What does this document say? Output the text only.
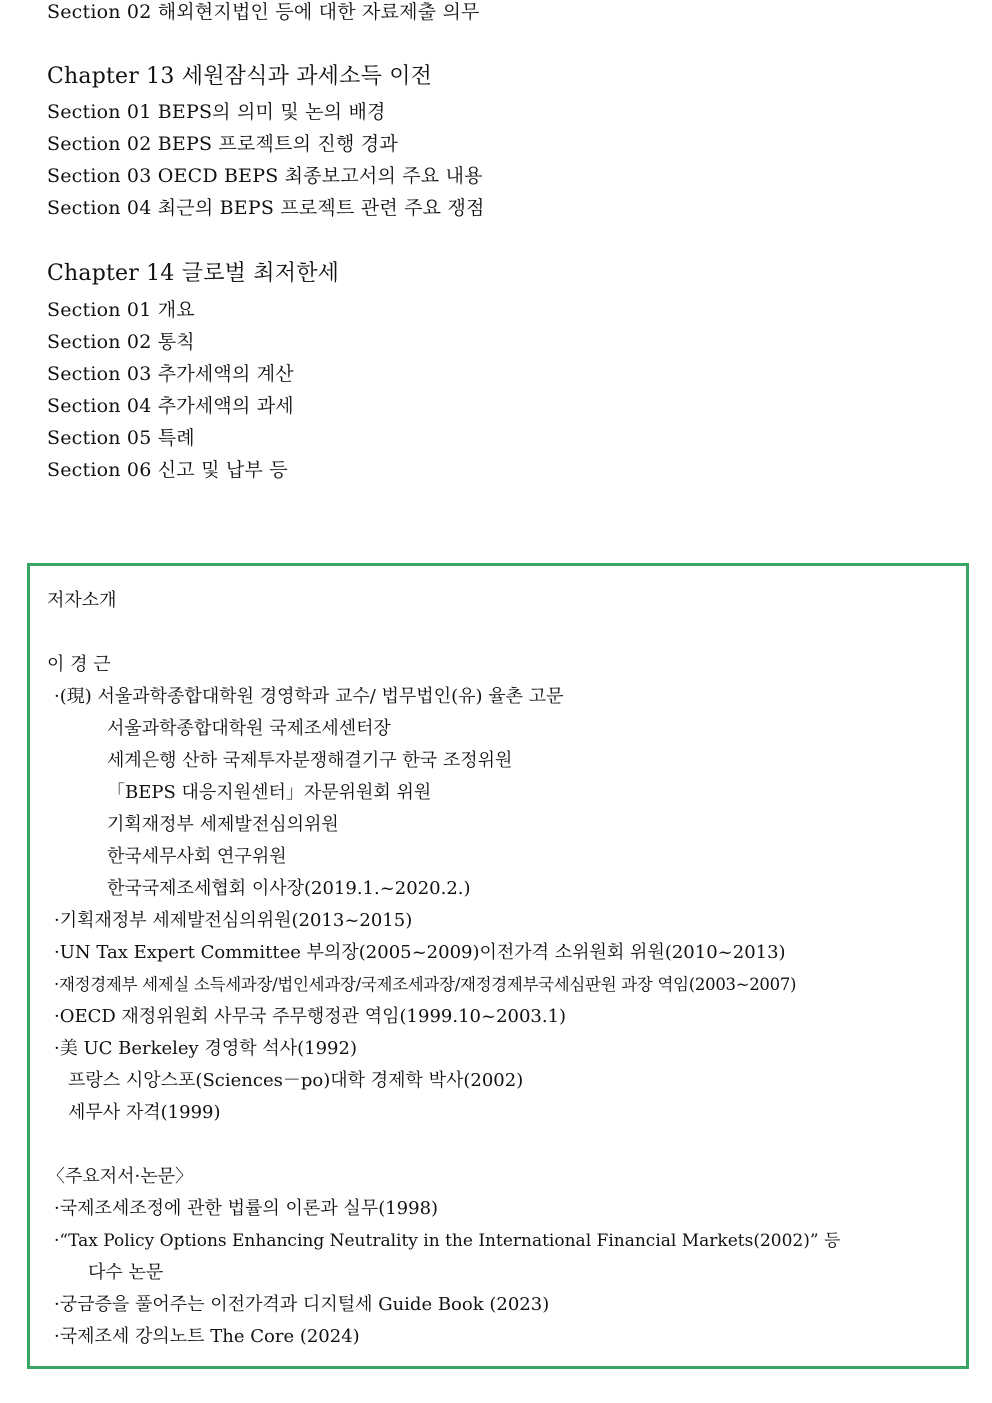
Section 02 해외현지법인 등에 대한 자료제출 의무
Chapter 13 세원잠식과 과세소득 이전
Section 01 BEPS의 의미 및 논의 배경
Section 02 BEPS 프로젝트의 진행 경과
Section 03 OECD BEPS 최종보고서의 주요 내용
Section 04 최근의 BEPS 프로젝트 관련 주요 쟁점
Chapter 14 글로벌 최저한세
Section 01 개요
Section 02 통칙
Section 03 추가세액의 계산
Section 04 추가세액의 과세
Section 05 특례
Section 06 신고 및 납부 등
저자소개
이 경 근
·(現) 서울과학종합대학원 경영학과 교수/ 법무법인(유) 율촌 고문
서울과학종합대학원 국제조세센터장
세계은행 산하 국제투자분쟁해결기구 한국 조정위원
「BEPS 대응지원센터」자문위원회 위원
기획재정부 세제발전심의위원
한국세무사회 연구위원
한국국제조세협회 이사장(2019.1.~2020.2.)
·기획재정부 세제발전심의위원(2013~2015)
·UN Tax Expert Committee 부의장(2005~2009)이전가격 소위원회 위원(2010~2013)
·재정경제부 세제실 소득세과장/법인세과장/국제조세과장/재정경제부국세심판원 과장 역임(2003~2007)
·OECD 재정위원회 사무국 주무행정관 역임(1999.10~2003.1)
·美 UC Berkeley 경영학 석사(1992)
프랑스 시앙스포(Sciences－po)대학 경제학 박사(2002)
세무사 자격(1999)
〈주요저서·논문〉
·국제조세조정에 관한 법률의 이론과 실무(1998)
·“Tax Policy Options Enhancing Neutrality in the International Financial Markets(2002)” 등
다수 논문
·궁금증을 풀어주는 이전가격과 디지털세 Guide Book (2023)
·국제조세 강의노트 The Core (2024)
